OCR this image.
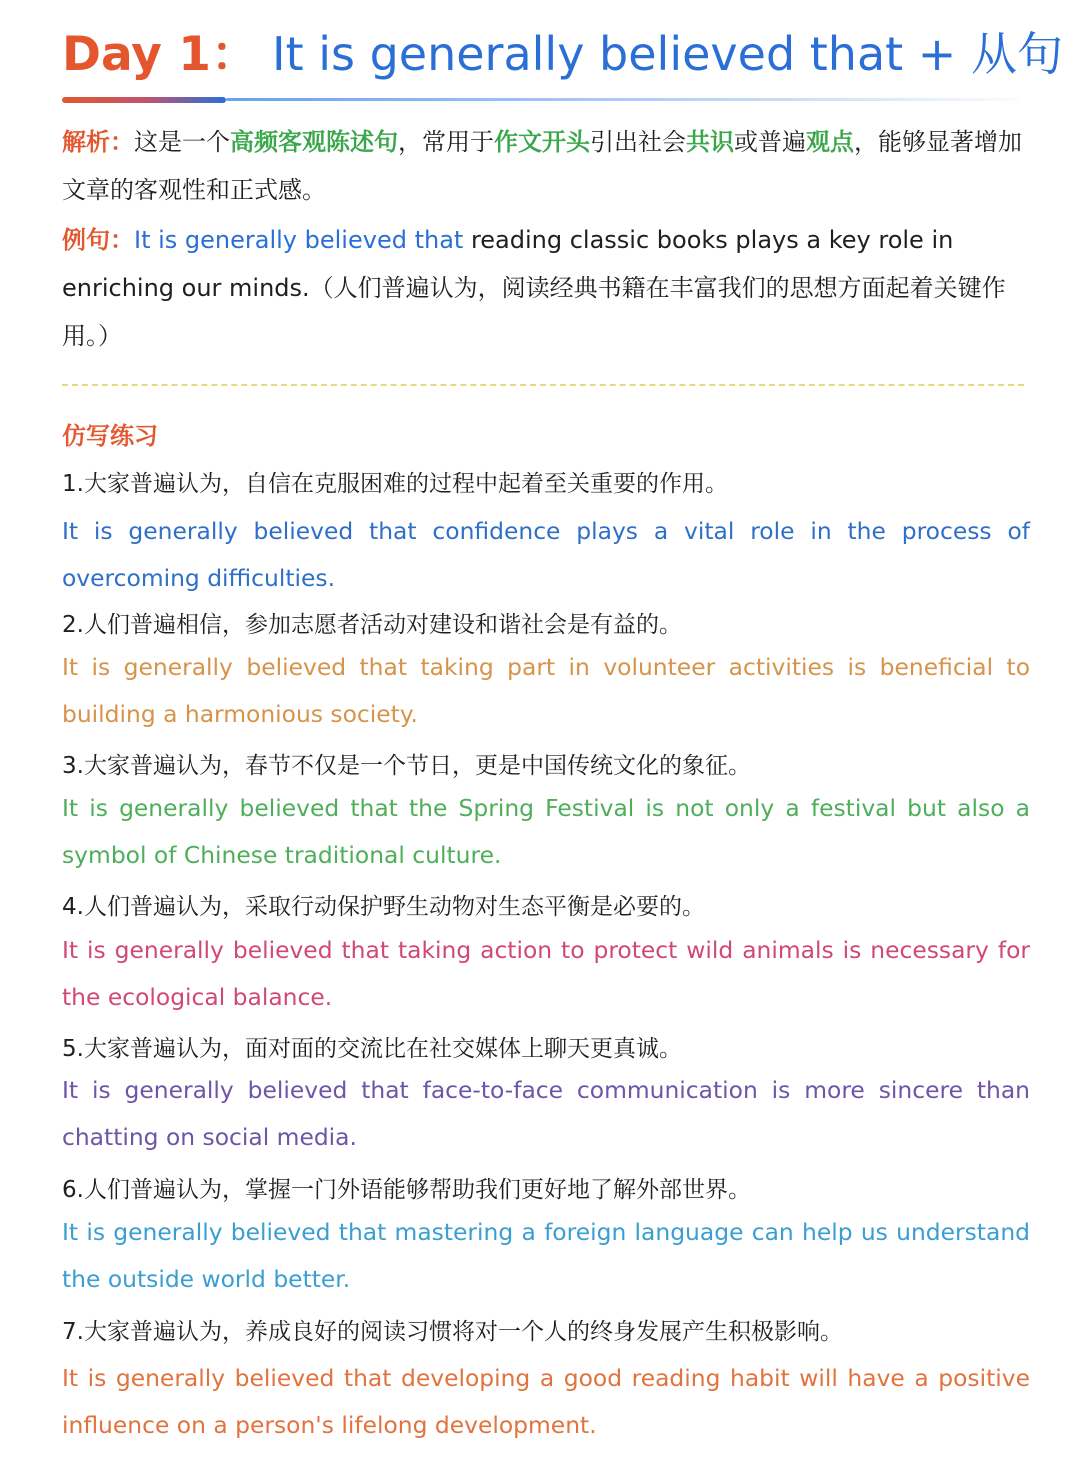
Day 1： It is generally believed that + 从句
解析：这是一个高频客观陈述句，常用于作文开头引出社会共识或普遍观点，能够显著增加文章的客观性和正式感。
例句：It is generally believed that reading classic books plays a key role in enriching our minds.（人们普遍认为，阅读经典书籍在丰富我们的思想方面起着关键作用。）
仿写练习
1.大家普遍认为，自信在克服困难的过程中起着至关重要的作用。
It is generally believed that confidence plays a vital role in the process of overcoming difficulties.
2.人们普遍相信，参加志愿者活动对建设和谐社会是有益的。
It is generally believed that taking part in volunteer activities is beneficial to building a harmonious society.
3.大家普遍认为，春节不仅是一个节日，更是中国传统文化的象征。
It is generally believed that the Spring Festival is not only a festival but also a symbol of Chinese traditional culture.
4.人们普遍认为，采取行动保护野生动物对生态平衡是必要的。
It is generally believed that taking action to protect wild animals is necessary for the ecological balance.
5.大家普遍认为，面对面的交流比在社交媒体上聊天更真诚。
It is generally believed that face-to-face communication is more sincere than chatting on social media.
6.人们普遍认为，掌握一门外语能够帮助我们更好地了解外部世界。
It is generally believed that mastering a foreign language can help us understand the outside world better.
7.大家普遍认为，养成良好的阅读习惯将对一个人的终身发展产生积极影响。
It is generally believed that developing a good reading habit will have a positive influence on a person's lifelong development.
